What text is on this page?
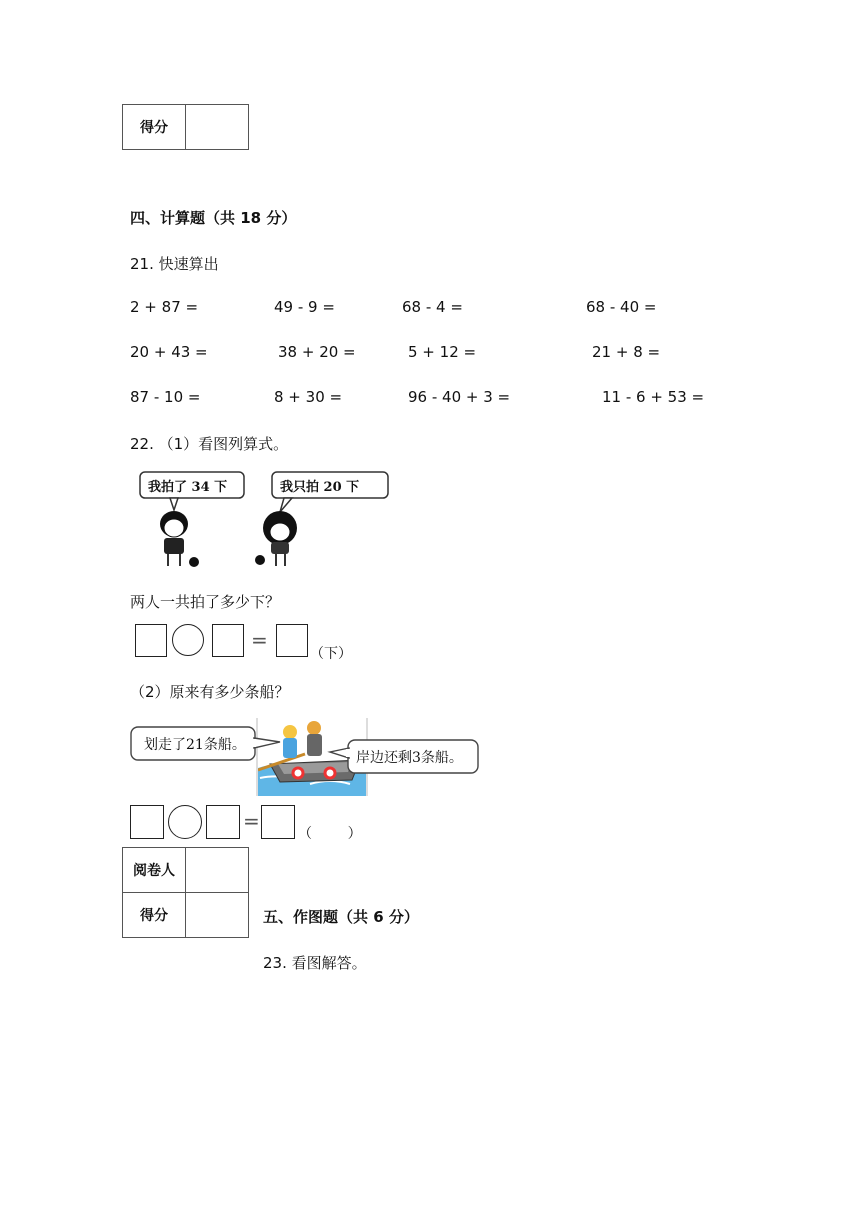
得分	
四、计算题（共 18 分）
21. 快速算出
2 + 87 =	49 - 9 =	68 - 4 =	68 - 40 =
20 + 43 =	38 + 20 =	5 + 12 =	21 + 8 =
87 - 10 =	8 + 30 =	96 - 40 + 3 =	11 - 6 + 53 =
22. （1）看图列算式。
我拍了 34 下	我只拍 20 下
两人一共拍了多少下？
=
（下）
（2）原来有多少条船？
划走了21条船。
岸边还剩3条船。
=
（        ）
阅卷人	
得分		五、作图题（共 6 分）
23. 看图解答。
